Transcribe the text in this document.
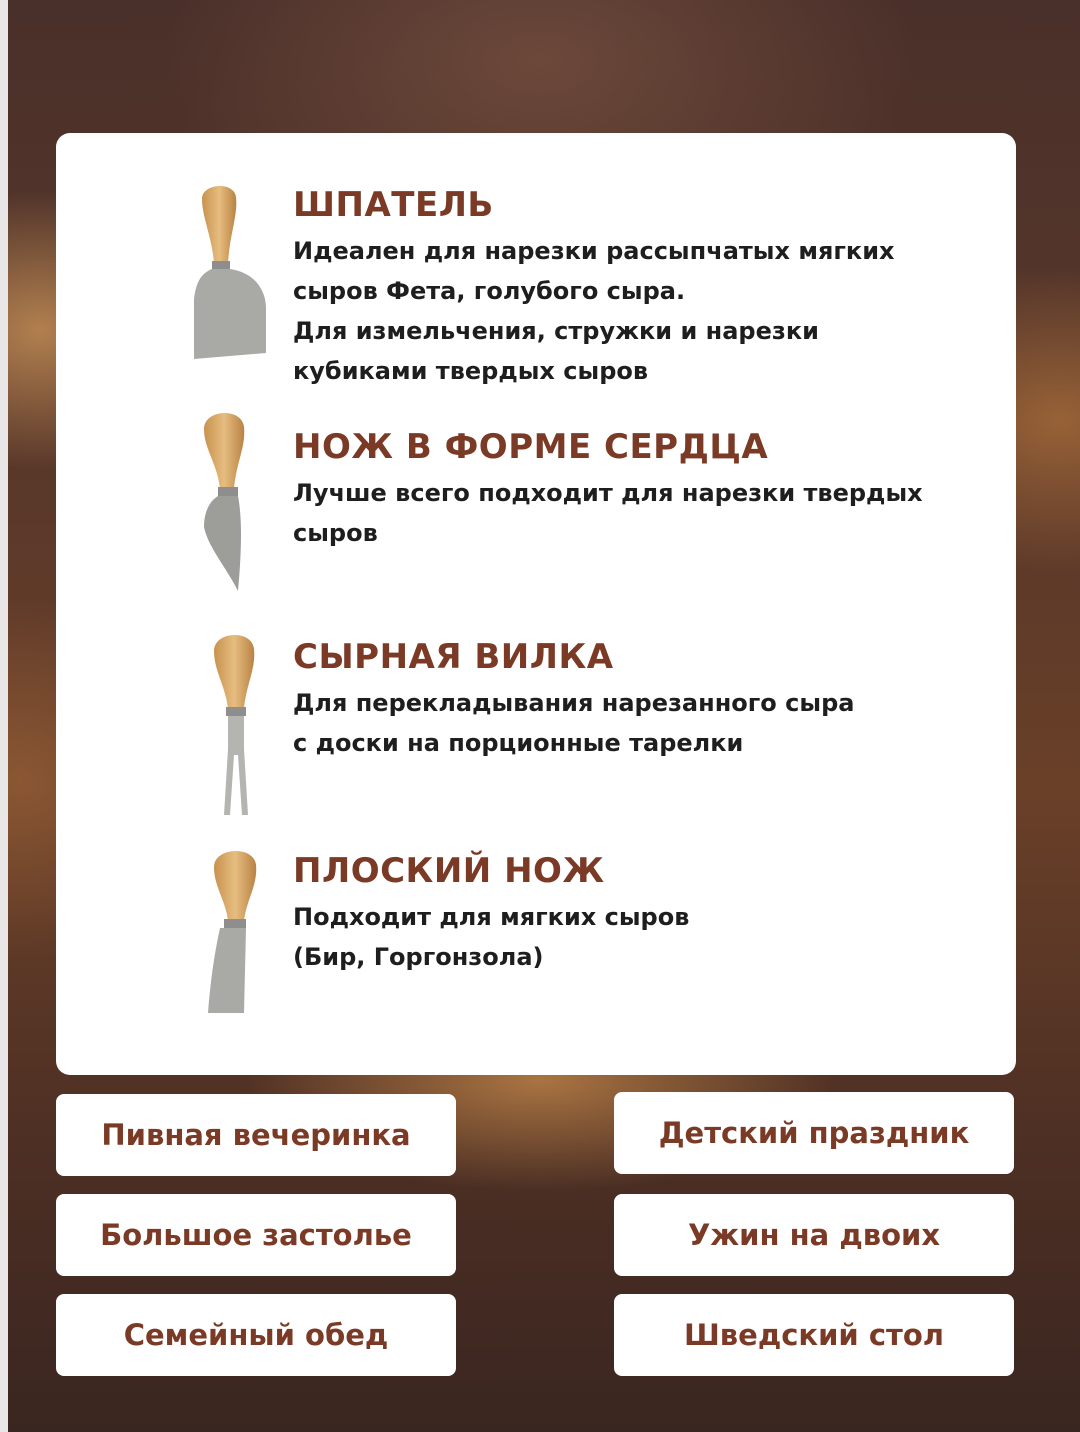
ШПАТЕЛЬ

Идеален для нарезки рассыпчатых мягких
сыров Фета, голубого сыра.
Для измельчения, стружки и нарезки
кубиками твердых сыров

НОЖ В ФОРМЕ СЕРДЦА

Лучше всего подходит для нарезки твердых
сыров

СЫРНАЯ ВИЛКА

Для перекладывания нарезанного сыра
с доски на порционные тарелки

ПЛОСКИЙ НОЖ

Подходит для мягких сыров
(Бир, Горгонзола)

Пивная вечеринка	Детский праздник
Большое застолье	Ужин на двоих
Семейный обед	Шведский стол
